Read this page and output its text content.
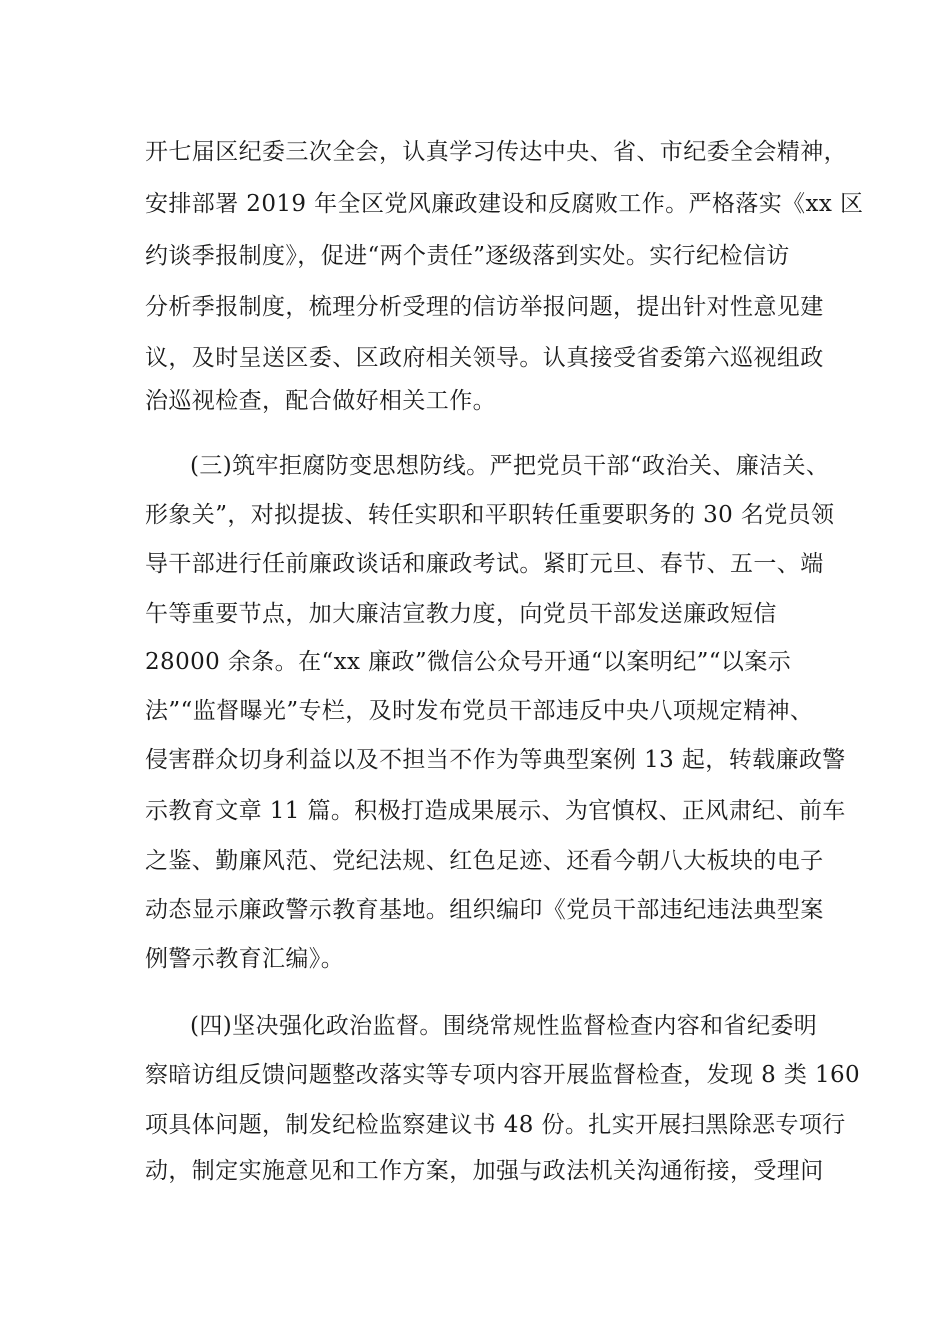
开七届区纪委三次全会，认真学习传达中央、省、市纪委全会精神，
安排部署 2019 年全区党风廉政建设和反腐败工作。严格落实《xx 区
约谈季报制度》，促进“两个责任”逐级落到实处。实行纪检信访
分析季报制度，梳理分析受理的信访举报问题，提出针对性意见建
议，及时呈送区委、区政府相关领导。认真接受省委第六巡视组政
治巡视检查，配合做好相关工作。
(三)筑牢拒腐防变思想防线。严把党员干部“政治关、廉洁关、
形象关”，对拟提拔、转任实职和平职转任重要职务的 30 名党员领
导干部进行任前廉政谈话和廉政考试。紧盯元旦、春节、五一、端
午等重要节点，加大廉洁宣教力度，向党员干部发送廉政短信
28000 余条。在“xx 廉政”微信公众号开通“以案明纪”“以案示
法”“监督曝光”专栏，及时发布党员干部违反中央八项规定精神、
侵害群众切身利益以及不担当不作为等典型案例 13 起，转载廉政警
示教育文章 11 篇。积极打造成果展示、为官慎权、正风肃纪、前车
之鉴、勤廉风范、党纪法规、红色足迹、还看今朝八大板块的电子
动态显示廉政警示教育基地。组织编印《党员干部违纪违法典型案
例警示教育汇编》。
(四)坚决强化政治监督。围绕常规性监督检查内容和省纪委明
察暗访组反馈问题整改落实等专项内容开展监督检查，发现 8 类 160
项具体问题，制发纪检监察建议书 48 份。扎实开展扫黑除恶专项行
动，制定实施意见和工作方案，加强与政法机关沟通衔接，受理问
